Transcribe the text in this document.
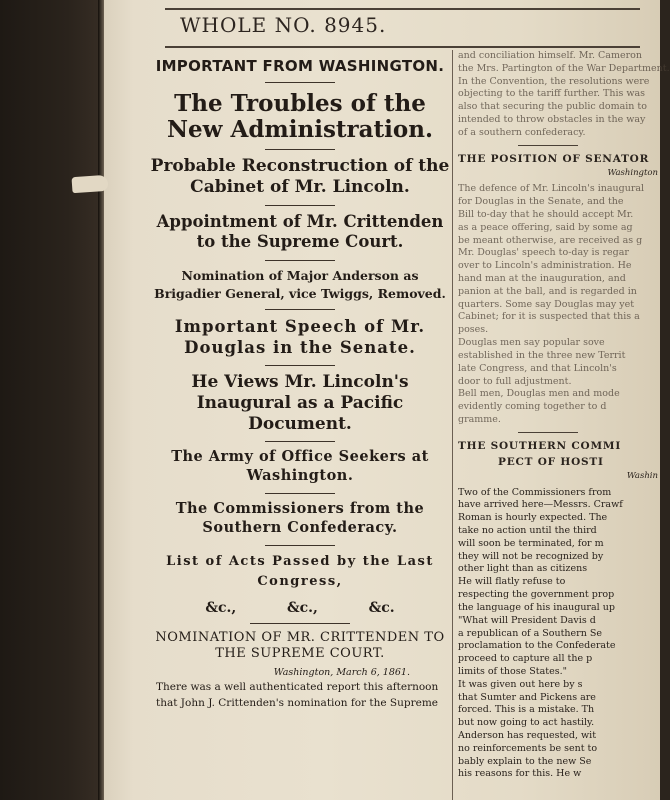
WHOLE NO. 8945.
IMPORTANT FROM WASHINGTON.
The Troubles of the New Administration.
Probable Reconstruction of the Cabinet of Mr. Lincoln.
Appointment of Mr. Crittenden to the Supreme Court.
Nomination of Major Anderson as Brigadier General, vice Twiggs, Removed.
Important Speech of Mr. Douglas in the Senate.
He Views Mr. Lincoln's Inaugural as a Pacific Document.
The Army of Office Seekers at Washington.
The Commissioners from the Southern Confederacy.
List of Acts Passed by the Last Congress,
&c.,	&c.,	&c.
NOMINATION OF MR. CRITTENDEN TO THE SUPREME COURT.
Washington, March 6, 1861.
There was a well authenticated report this afternoon
that John J. Crittenden's nomination for the Supreme

and conciliation himself. Mr. Cameron

the Mrs. Partington of the War Department.

In the Convention, the resolutions were

objecting to the tariff further. This was

also that securing the public domain to

intended to throw obstacles in the way

of a southern confederacy.

THE POSITION OF SENATOR
Washington

The defence of Mr. Lincoln's inaugural

for Douglas in the Senate, and the

Bill to-day that he should accept Mr.

as a peace offering, said by some ag

be meant otherwise, are received as g

Mr. Douglas' speech to-day is regar

over to Lincoln's administration. He

hand man at the inauguration, and

panion at the ball, and is regarded in

quarters. Some say Douglas may yet

Cabinet; for it is suspected that this a

poses.

Douglas men say popular sove

established in the three new Territ

late Congress, and that Lincoln's

door to full adjustment.

Bell men, Douglas men and mode

evidently coming together to d

gramme.

THE SOUTHERN COMMI
PECT OF HOSTI
Washin

Two of the Commissioners from

have arrived here—Messrs. Crawf

Roman is hourly expected. The

take no action until the third

will soon be terminated, for m

they will not be recognized by

other light than as citizens

He will flatly refuse to

respecting the government prop

the language of his inaugural up

"What will President Davis d

a republican of a Southern Se

proclamation to the Confederate

proceed to capture all the p

limits of those States."

It was given out here by s

that Sumter and Pickens are

forced. This is a mistake. Th

but now going to act hastily.

Anderson has requested, wit

no reinforcements be sent to

bably explain to the new Se

his reasons for this. He w
